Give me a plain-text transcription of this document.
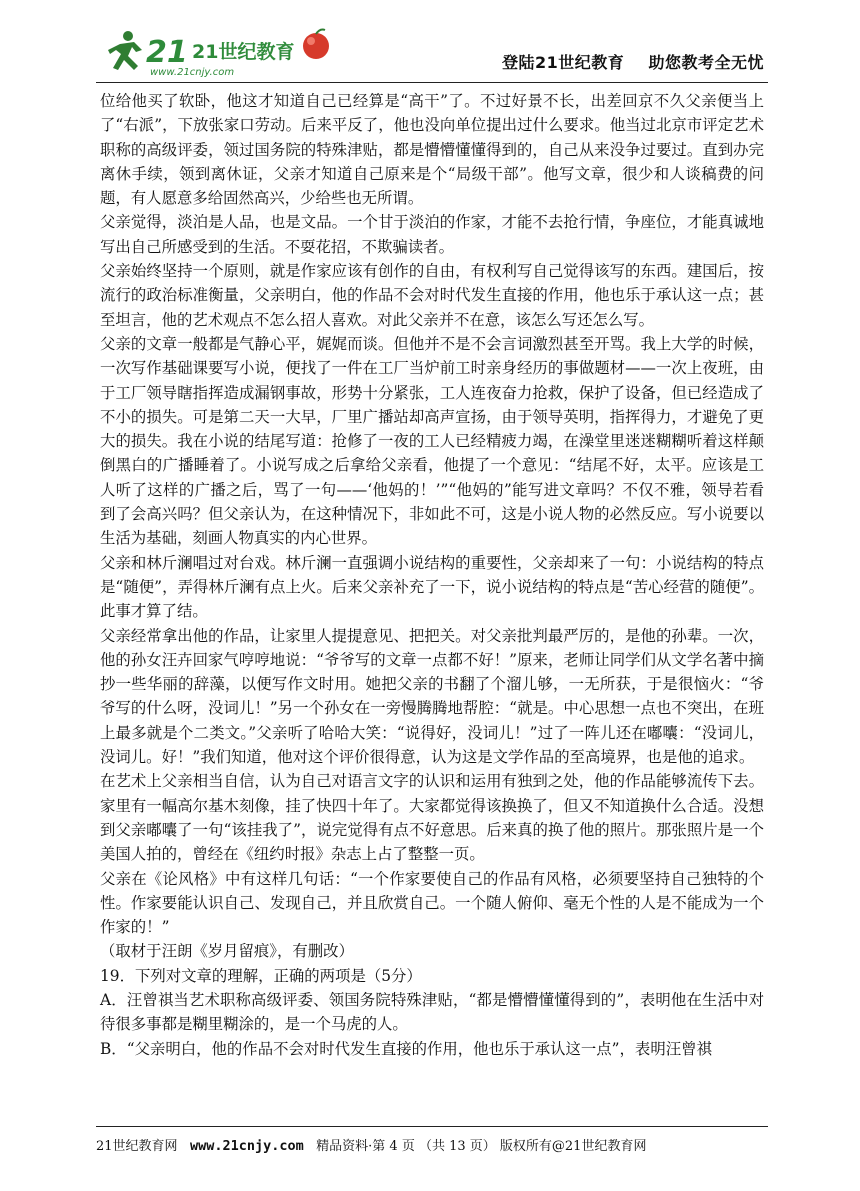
21 21世纪教育
www.21cnjy.com
登陆21世纪教育    助您教考全无忧

位给他买了软卧，他这才知道自己已经算是“高干”了。不过好景不长，出差回京不久父亲便当上了“右派”，下放张家口劳动。后来平反了，他也没向单位提出过什么要求。他当过北京市评定艺术职称的高级评委，领过国务院的特殊津贴，都是懵懵懂懂得到的，自己从来没争过要过。直到办完离休手续，领到离休证，父亲才知道自己原来是个“局级干部”。他写文章，很少和人谈稿费的问题，有人愿意多给固然高兴，少给些也无所谓。

父亲觉得，淡泊是人品，也是文品。一个甘于淡泊的作家，才能不去抢行情，争座位，才能真诚地写出自己所感受到的生活。不耍花招，不欺骗读者。

父亲始终坚持一个原则，就是作家应该有创作的自由，有权利写自己觉得该写的东西。建国后，按流行的政治标准衡量，父亲明白，他的作品不会对时代发生直接的作用，他也乐于承认这一点；甚至坦言，他的艺术观点不怎么招人喜欢。对此父亲并不在意，该怎么写还怎么写。

父亲的文章一般都是气静心平，娓娓而谈。但他并不是不会言词激烈甚至开骂。我上大学的时候，一次写作基础课要写小说，便找了一件在工厂当炉前工时亲身经历的事做题材——一次上夜班，由于工厂领导瞎指挥造成漏钢事故，形势十分紧张，工人连夜奋力抢救，保护了设备，但已经造成了不小的损失。可是第二天一大早，厂里广播站却高声宣扬，由于领导英明，指挥得力，才避免了更大的损失。我在小说的结尾写道：抢修了一夜的工人已经精疲力竭，在澡堂里迷迷糊糊听着这样颠倒黑白的广播睡着了。小说写成之后拿给父亲看，他提了一个意见：“结尾不好，太平。应该是工人听了这样的广播之后，骂了一句——‘他妈的！’”“他妈的”能写进文章吗？不仅不雅，领导若看到了会高兴吗？但父亲认为，在这种情况下，非如此不可，这是小说人物的必然反应。写小说要以生活为基础，刻画人物真实的内心世界。

父亲和林斤澜唱过对台戏。林斤澜一直强调小说结构的重要性，父亲却来了一句：小说结构的特点是“随便”，弄得林斤澜有点上火。后来父亲补充了一下，说小说结构的特点是“苦心经营的随便”。此事才算了结。

父亲经常拿出他的作品，让家里人提提意见、把把关。对父亲批判最严厉的，是他的孙辈。一次，他的孙女汪卉回家气哼哼地说：“爷爷写的文章一点都不好！”原来，老师让同学们从文学名著中摘抄一些华丽的辞藻，以便写作文时用。她把父亲的书翻了个溜儿够，一无所获，于是很恼火：“爷爷写的什么呀，没词儿！”另一个孙女在一旁慢腾腾地帮腔：“就是。中心思想一点也不突出，在班上最多就是个二类文。”父亲听了哈哈大笑：“说得好，没词儿！”过了一阵儿还在嘟囔：“没词儿，没词儿。好！”我们知道，他对这个评价很得意，认为这是文学作品的至高境界，也是他的追求。

在艺术上父亲相当自信，认为自己对语言文字的认识和运用有独到之处，他的作品能够流传下去。家里有一幅高尔基木刻像，挂了快四十年了。大家都觉得该换换了，但又不知道换什么合适。没想到父亲嘟囔了一句“该挂我了”，说完觉得有点不好意思。后来真的换了他的照片。那张照片是一个美国人拍的，曾经在《纽约时报》杂志上占了整整一页。

父亲在《论风格》中有这样几句话：“一个作家要使自己的作品有风格，必须要坚持自己独特的个性。作家要能认识自己、发现自己，并且欣赏自己。一个随人俯仰、毫无个性的人是不能成为一个作家的！”

（取材于汪朗《岁月留痕》，有删改）

19．下列对文章的理解，正确的两项是（5分）

A．汪曾祺当艺术职称高级评委、领国务院特殊津贴，“都是懵懵懂懂得到的”，表明他在生活中对待很多事都是糊里糊涂的，是一个马虎的人。

B．“父亲明白，他的作品不会对时代发生直接的作用，他也乐于承认这一点”，表明汪曾祺

21世纪教育网 www.21cnjy.com 精品资料·第 4 页 （共 13 页） 版权所有@21世纪教育网
